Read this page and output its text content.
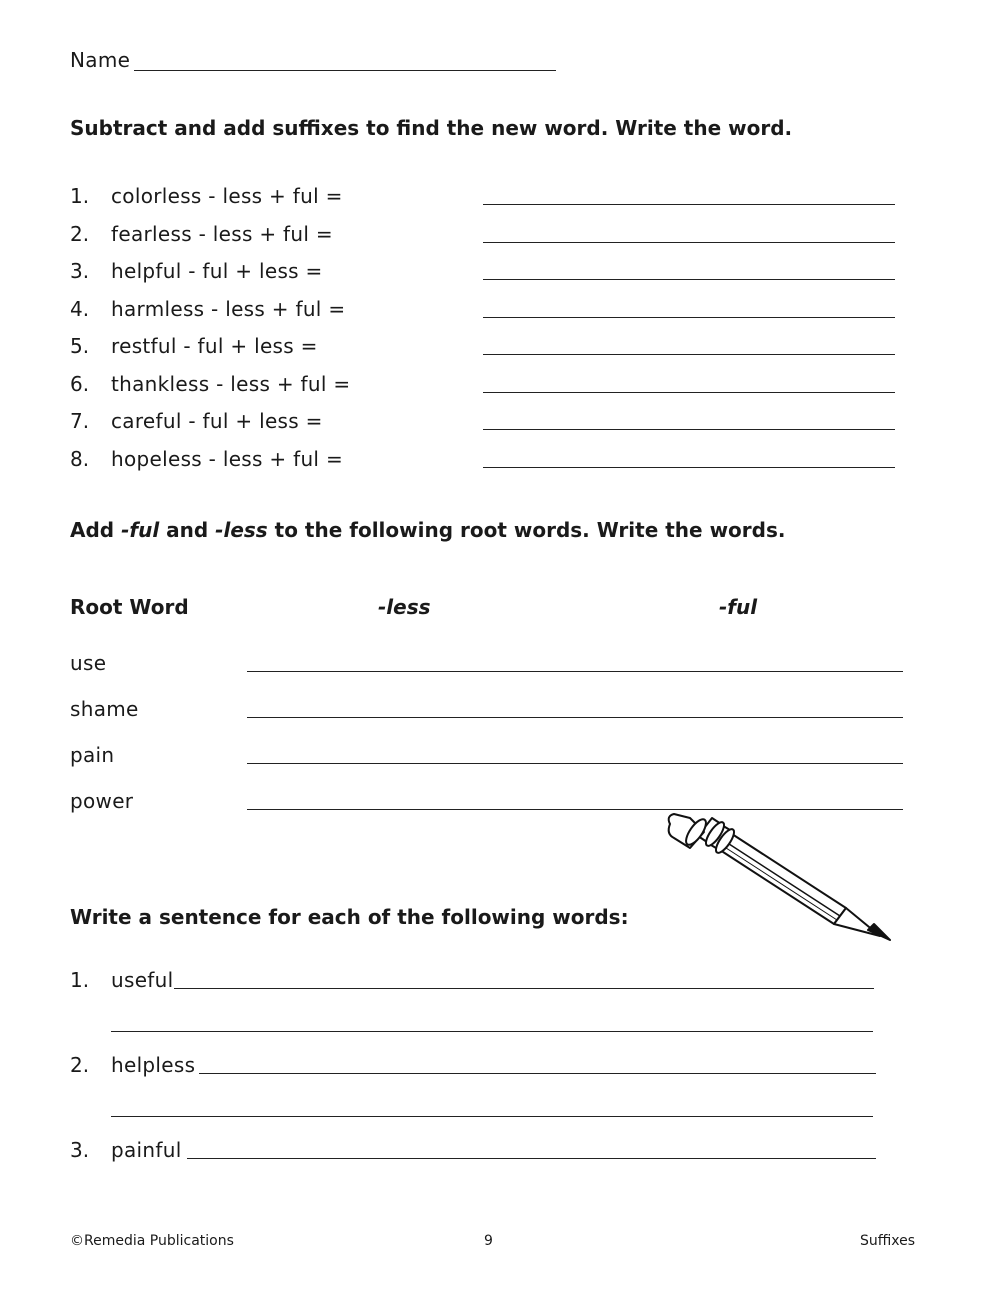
Name
Subtract and add suffixes to find the new word. Write the word.
1. colorless - less + ful =
2. fearless - less + ful =
3. helpful - ful + less =
4. harmless - less + ful =
5. restful - ful + less =
6. thankless - less + ful =
7. careful - ful + less =
8. hopeless - less + ful =
Add -ful and -less to the following root words. Write the words.
Root Word	-less	-ful
use
shame
pain
power
Write a sentence for each of the following words:
1. useful
2. helpless
3. painful
©Remedia Publications	9	Suffixes
